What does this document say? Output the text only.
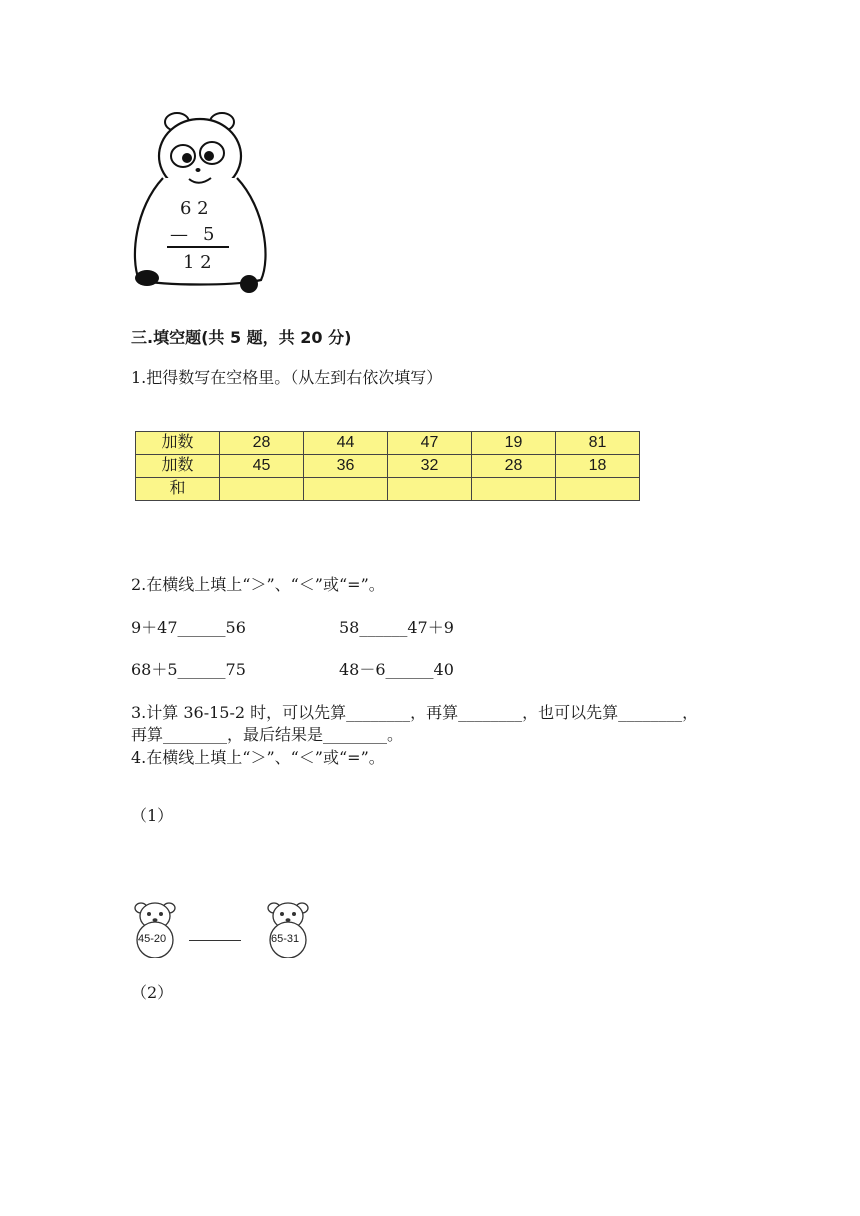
6 2
— 5
1 2
三.填空题(共 5 题，共 20 分)
1.把得数写在空格里。（从左到右依次填写）
加数	28	44	47	19	81
加数	45	36	32	28	18
和					
2.在横线上填上“＞”、“＜”或“=”。
9＋47______56	58______47＋9
68＋5______75	48－6______40
3.计算 36-15-2 时，可以先算________，再算________，也可以先算________，
再算________，最后结果是________。
4.在横线上填上“＞”、“＜”或“=”。
（1）
45-20	65-31
（2）
